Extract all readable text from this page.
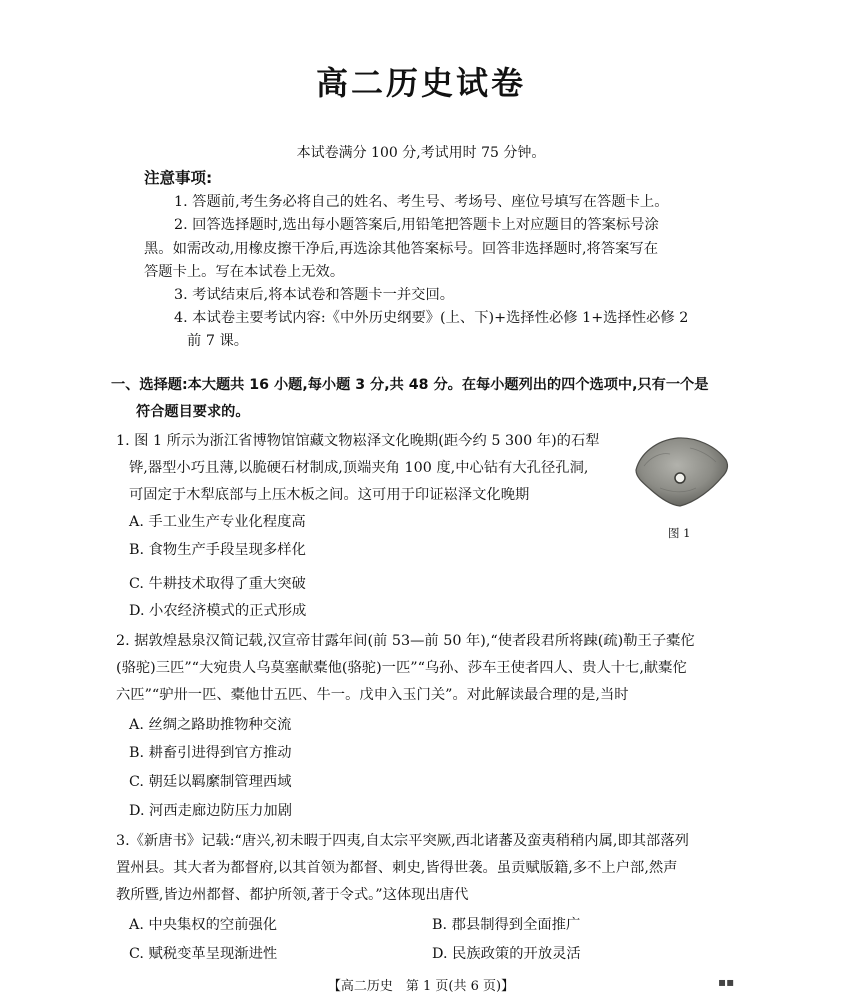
高二历史试卷
本试卷满分 100 分,考试用时 75 分钟。
注意事项:
1. 答题前,考生务必将自己的姓名、考生号、考场号、座位号填写在答题卡上。
2. 回答选择题时,选出每小题答案后,用铅笔把答题卡上对应题目的答案标号涂
黑。如需改动,用橡皮擦干净后,再选涂其他答案标号。回答非选择题时,将答案写在
答题卡上。写在本试卷上无效。
3. 考试结束后,将本试卷和答题卡一并交回。
4. 本试卷主要考试内容:《中外历史纲要》(上、下)+选择性必修 1+选择性必修 2
前 7 课。
一、选择题:本大题共 16 小题,每小题 3 分,共 48 分。在每小题列出的四个选项中,只有一个是
符合题目要求的。
1. 图 1 所示为浙江省博物馆馆藏文物崧泽文化晚期(距今约 5 300 年)的石犁
铧,器型小巧且薄,以脆硬石材制成,顶端夹角 100 度,中心钻有大孔径孔洞,
可固定于木犁底部与上压木板之间。这可用于印证崧泽文化晚期
A. 手工业生产专业化程度高
B. 食物生产手段呈现多样化
C. 牛耕技术取得了重大突破
D. 小农经济模式的正式形成
图 1
2. 据敦煌悬泉汉简记载,汉宣帝甘露年间(前 53—前 50 年),“使者段君所将踈(疏)勒王子橐佗
(骆驼)三匹”“大宛贵人乌莫塞献橐他(骆驼)一匹”“乌孙、莎车王使者四人、贵人十七,献橐佗
六匹”“驴卅一匹、橐他廿五匹、牛一。戊申入玉门关”。对此解读最合理的是,当时
A. 丝绸之路助推物种交流
B. 耕畜引进得到官方推动
C. 朝廷以羁縻制管理西域
D. 河西走廊边防压力加剧
3.《新唐书》记载:“唐兴,初未暇于四夷,自太宗平突厥,西北诸蕃及蛮夷稍稍内属,即其部落列
置州县。其大者为都督府,以其首领为都督、刺史,皆得世袭。虽贡赋版籍,多不上户部,然声
教所暨,皆边州都督、都护所领,著于令式。”这体现出唐代
A. 中央集权的空前强化	B. 郡县制得到全面推广
C. 赋税变革呈现渐进性	D. 民族政策的开放灵活
【高二历史　第 1 页(共 6 页)】	▪▪
